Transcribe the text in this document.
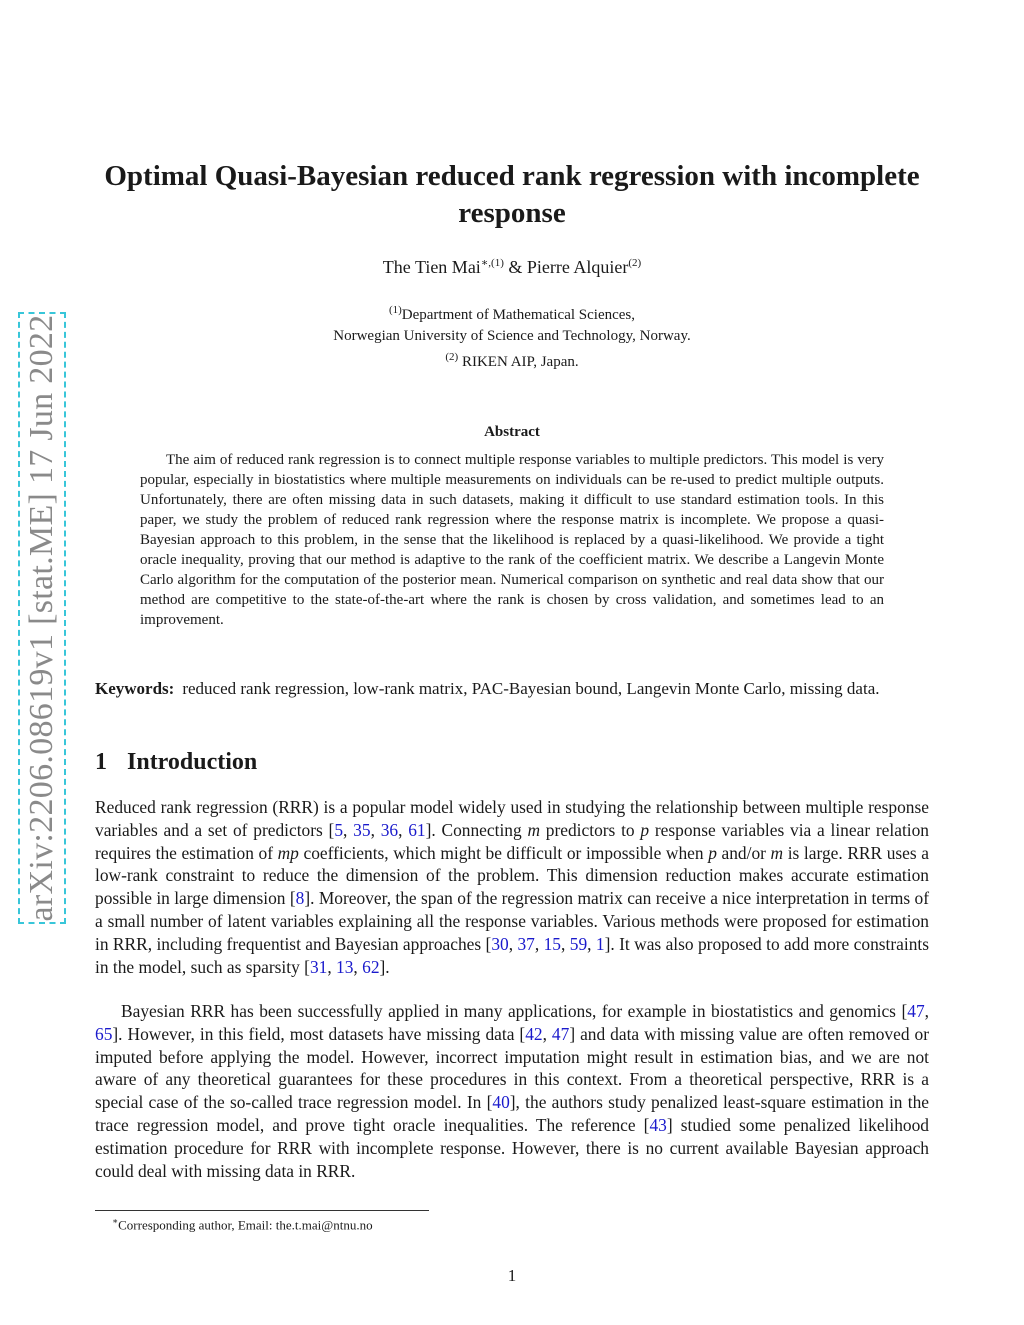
arXiv:2206.08619v1 [stat.ME] 17 Jun 2022
Optimal Quasi-Bayesian reduced rank regression with incomplete response
The Tien Mai$^{∗,(1)}$ & Pierre Alquier$^{(2)}$
$^{(1)}$Department of Mathematical Sciences,
Norwegian University of Science and Technology, Norway.
$^{(2)}$ RIKEN AIP, Japan.
Abstract

The aim of reduced rank regression is to connect multiple response variables to multiple predictors. This model is very popular, especially in biostatistics where multiple measurements on individuals can be re-used to predict multiple outputs. Unfortunately, there are often missing data in such datasets, making it difficult to use standard estimation tools. In this paper, we study the problem of reduced rank regression where the response matrix is incomplete. We propose a quasi-Bayesian approach to this problem, in the sense that the likelihood is replaced by a quasi-likelihood. We provide a tight oracle inequality, proving that our method is adaptive to the rank of the coefficient matrix. We describe a Langevin Monte Carlo algorithm for the computation of the posterior mean. Numerical comparison on synthetic and real data show that our method are competitive to the state-of-the-art where the rank is chosen by cross validation, and sometimes lead to an improvement.

Keywords: reduced rank regression, low-rank matrix, PAC-Bayesian bound, Langevin Monte Carlo, missing data.

1 Introduction

Reduced rank regression (RRR) is a popular model widely used in studying the relationship between multiple response variables and a set of predictors [5, 35, 36, 61]. Connecting m predictors to p response variables via a linear relation requires the estimation of mp coefficients, which might be difficult or impossible when p and/or m is large. RRR uses a low-rank constraint to reduce the dimension of the problem. This dimension reduction makes accurate estimation possible in large dimension [8]. Moreover, the span of the regression matrix can receive a nice interpretation in terms of a small number of latent variables explaining all the response variables. Various methods were proposed for estimation in RRR, including frequentist and Bayesian approaches [30, 37, 15, 59, 1]. It was also proposed to add more constraints in the model, such as sparsity [31, 13, 62].

Bayesian RRR has been successfully applied in many applications, for example in biostatistics and genomics [47, 65]. However, in this field, most datasets have missing data [42, 47] and data with missing value are often removed or imputed before applying the model. However, incorrect imputation might result in estimation bias, and we are not aware of any theoretical guarantees for these procedures in this context. From a theoretical perspective, RRR is a special case of the so-called trace regression model. In [40], the authors study penalized least-square estimation in the trace regression model, and prove tight oracle inequalities. The reference [43] studied some penalized likelihood estimation procedure for RRR with incomplete response. However, there is no current available Bayesian approach could deal with missing data in RRR.

∗Corresponding author, Email: the.t.mai@ntnu.no
1
